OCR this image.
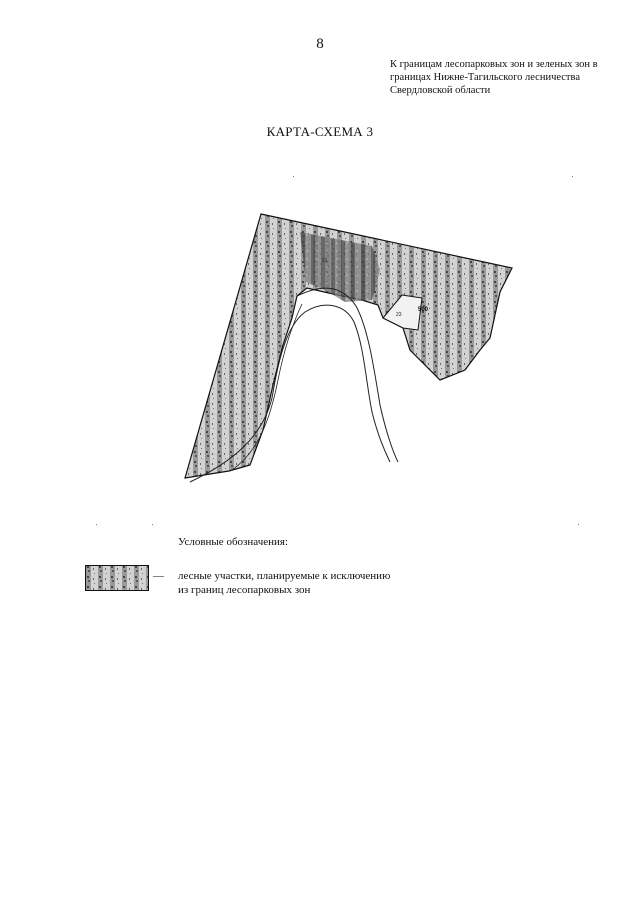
8
К границам лесопарковых зон и зеленых зон в
границах Нижне-Тагильского лесничества
Свердловской области
КАРТА-СХЕМА 3
13
23
500
Условные обозначения:
— лесные участки, планируемые к исключению
из границ лесопарковых зон
